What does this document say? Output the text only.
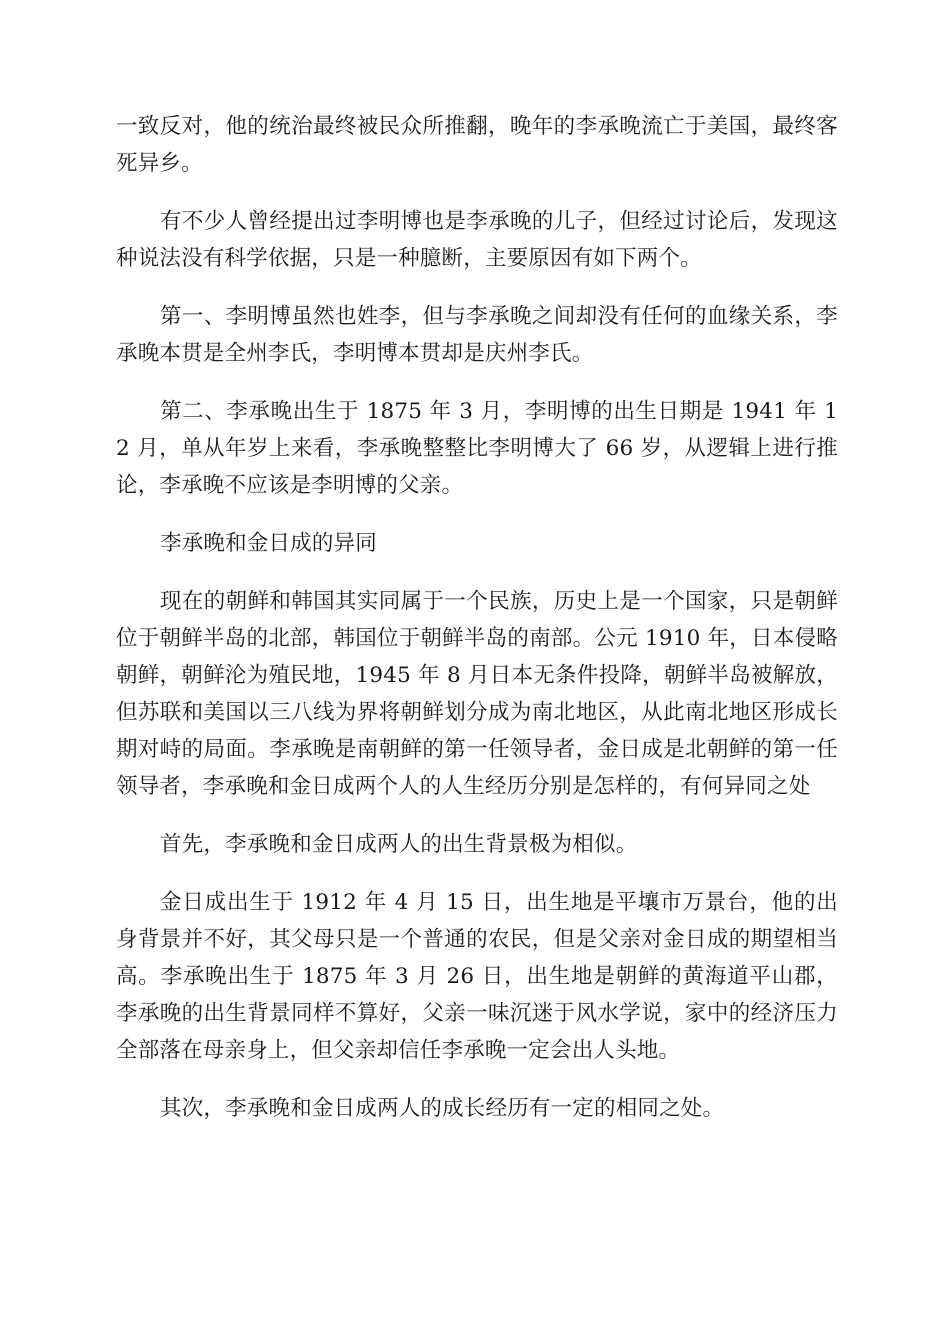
一致反对，他的统治最终被民众所推翻，晚年的李承晚流亡于美国，最终客死异乡。

有不少人曾经提出过李明博也是李承晚的儿子，但经过讨论后，发现这种说法没有科学依据，只是一种臆断，主要原因有如下两个。

第一、李明博虽然也姓李，但与李承晚之间却没有任何的血缘关系，李承晚本贯是全州李氏，李明博本贯却是庆州李氏。

第二、李承晚出生于 1875 年 3 月，李明博的出生日期是 1941 年 12 月，单从年岁上来看，李承晚整整比李明博大了 66 岁，从逻辑上进行推论，李承晚不应该是李明博的父亲。

李承晚和金日成的异同

现在的朝鲜和韩国其实同属于一个民族，历史上是一个国家，只是朝鲜位于朝鲜半岛的北部，韩国位于朝鲜半岛的南部。公元 1910 年，日本侵略朝鲜，朝鲜沦为殖民地，1945 年 8 月日本无条件投降，朝鲜半岛被解放，但苏联和美国以三八线为界将朝鲜划分成为南北地区，从此南北地区形成长期对峙的局面。李承晚是南朝鲜的第一任领导者，金日成是北朝鲜的第一任领导者，李承晚和金日成两个人的人生经历分别是怎样的，有何异同之处

首先，李承晚和金日成两人的出生背景极为相似。

金日成出生于 1912 年 4 月 15 日，出生地是平壤市万景台，他的出身背景并不好，其父母只是一个普通的农民，但是父亲对金日成的期望相当高。李承晚出生于 1875 年 3 月 26 日，出生地是朝鲜的黄海道平山郡，李承晚的出生背景同样不算好，父亲一味沉迷于风水学说，家中的经济压力全部落在母亲身上，但父亲却信任李承晚一定会出人头地。

其次，李承晚和金日成两人的成长经历有一定的相同之处。
